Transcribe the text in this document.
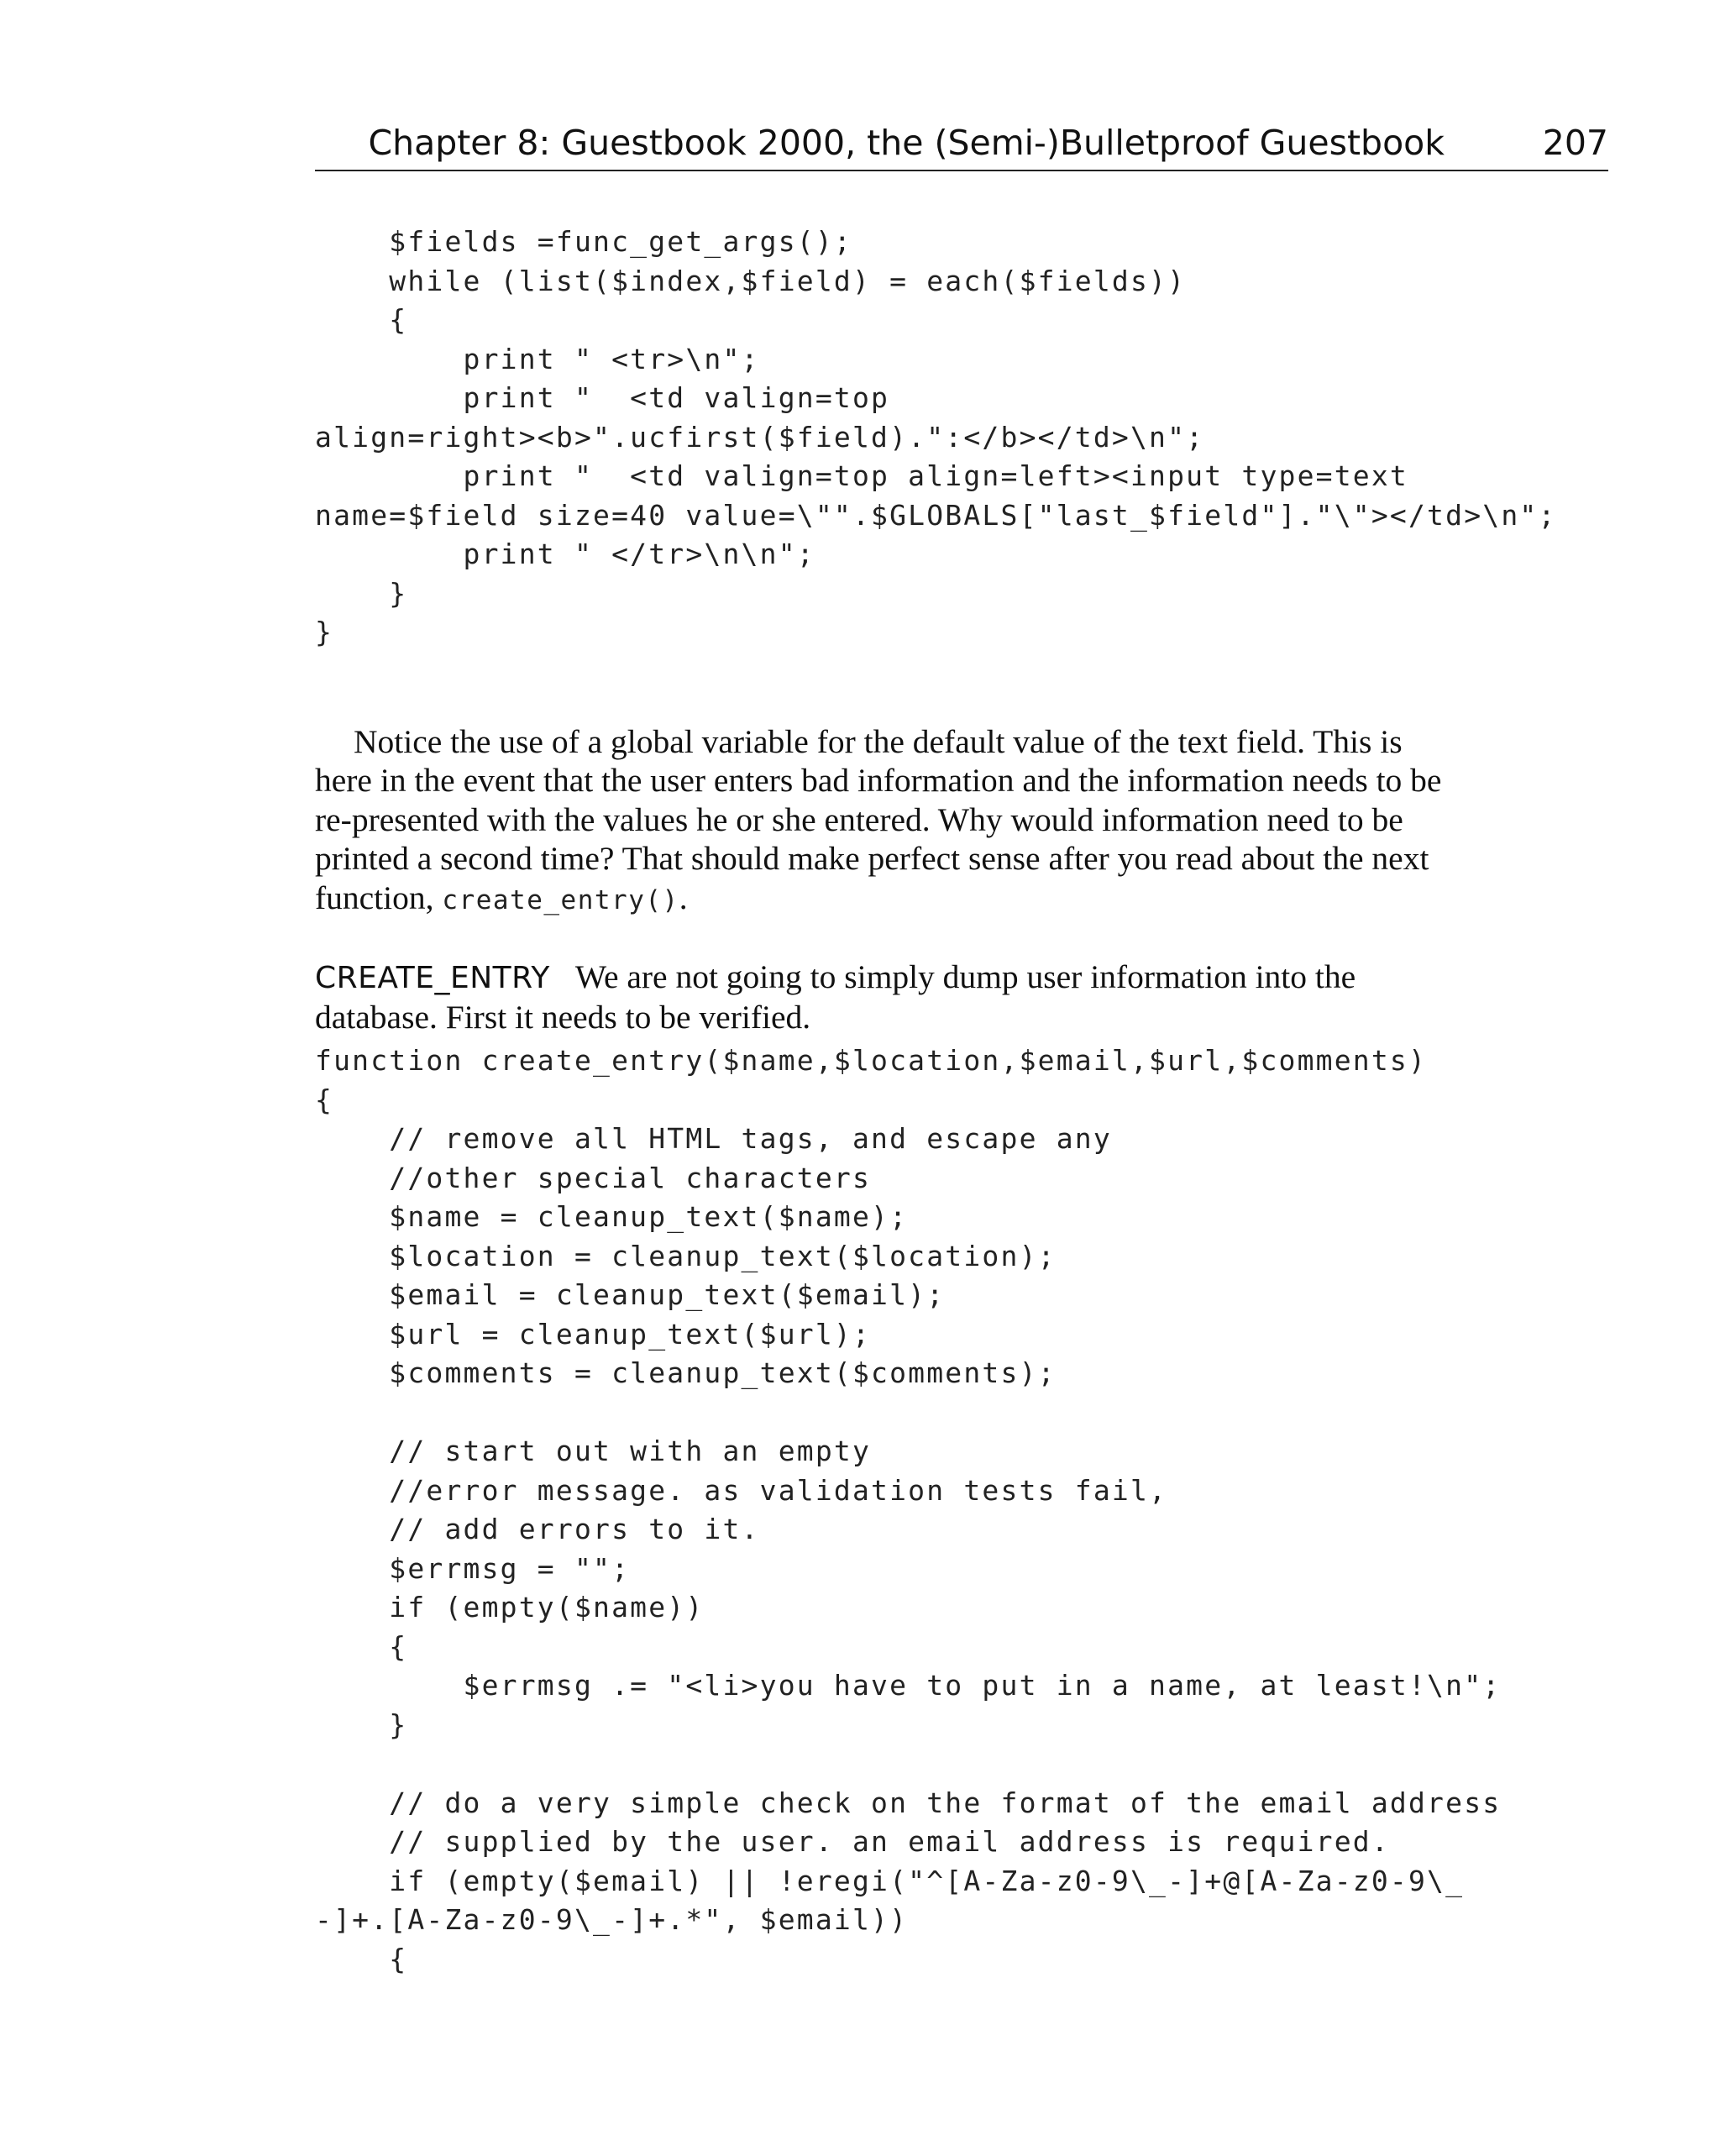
Chapter 8: Guestbook 2000, the (Semi-)Bulletproof Guestbook	207
$fields =func_get_args();
while (list($index,$field) = each($fields))
{
print " <tr>\n";
print "  <td valign=top
align=right><b>".ucfirst($field).":</b></td>\n";
print "  <td valign=top align=left><input type=text
name=$field size=40 value=\"".$GLOBALS["last_$field"]."\"></td>\n";
print " </tr>\n\n";
}
}

Notice the use of a global variable for the default value of the text field. This is here in the event that the user enters bad information and the information needs to be re-presented with the values he or she entered. Why would information need to be printed a second time? That should make perfect sense after you read about the next function, create_entry().

CREATE_ENTRY We are not going to simply dump user information into the database. First it needs to be verified.

function create_entry($name,$location,$email,$url,$comments)
{
// remove all HTML tags, and escape any
//other special characters
$name = cleanup_text($name);
$location = cleanup_text($location);
$email = cleanup_text($email);
$url = cleanup_text($url);
$comments = cleanup_text($comments);
// start out with an empty
//error message. as validation tests fail,
// add errors to it.
$errmsg = "";
if (empty($name))
{
$errmsg .= "<li>you have to put in a name, at least!\n";
}
// do a very simple check on the format of the email address
// supplied by the user. an email address is required.
if (empty($email) || !eregi("^[A-Za-z0-9\_-]+@[A-Za-z0-9\_
-]+.[A-Za-z0-9\_-]+.*", $email))
{
